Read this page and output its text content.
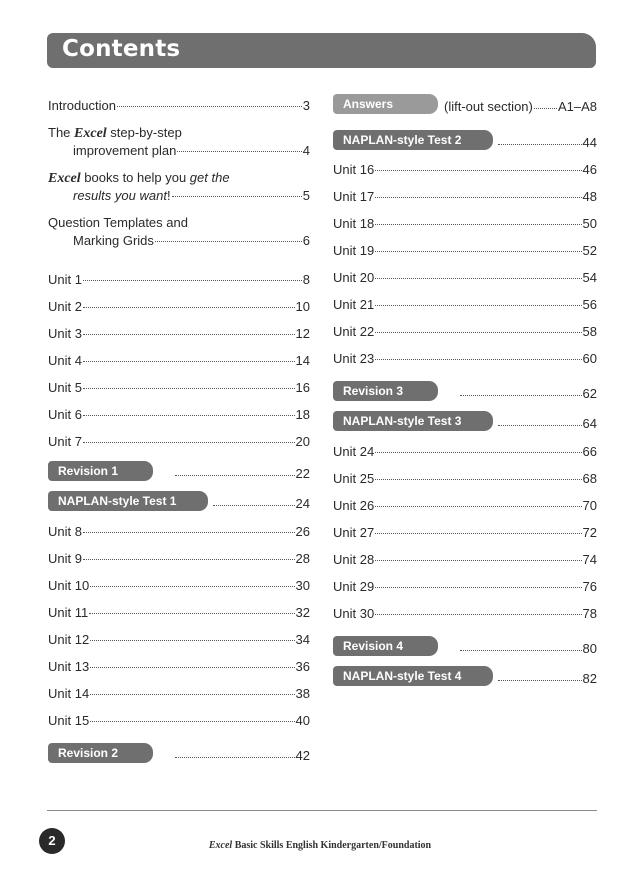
Contents
Introduction	3
The Excel step-by-step
improvement plan	4
Excel books to help you get the
results you want !	5
Question Templates and
Marking Grids	6
Unit 1	8
Unit 2	10
Unit 3	12
Unit 4	14
Unit 5	16
Unit 6	18
Unit 7	20
Revision 1	22
NAPLAN-style Test 1	24
Unit 8	26
Unit 9	28
Unit 10	30
Unit 11	32
Unit 12	34
Unit 13	36
Unit 14	38
Unit 15	40
Revision 2	42
Answers	(lift-out section) A1–A8
NAPLAN-style Test 2	44
Unit 16	46
Unit 17	48
Unit 18	50
Unit 19	52
Unit 20	54
Unit 21	56
Unit 22	58
Unit 23	60
Revision 3	62
NAPLAN-style Test 3	64
Unit 24	66
Unit 25	68
Unit 26	70
Unit 27	72
Unit 28	74
Unit 29	76
Unit 30	78
Revision 4	80
NAPLAN-style Test 4	82
2	Excel Basic Skills English Kindergarten/Foundation
